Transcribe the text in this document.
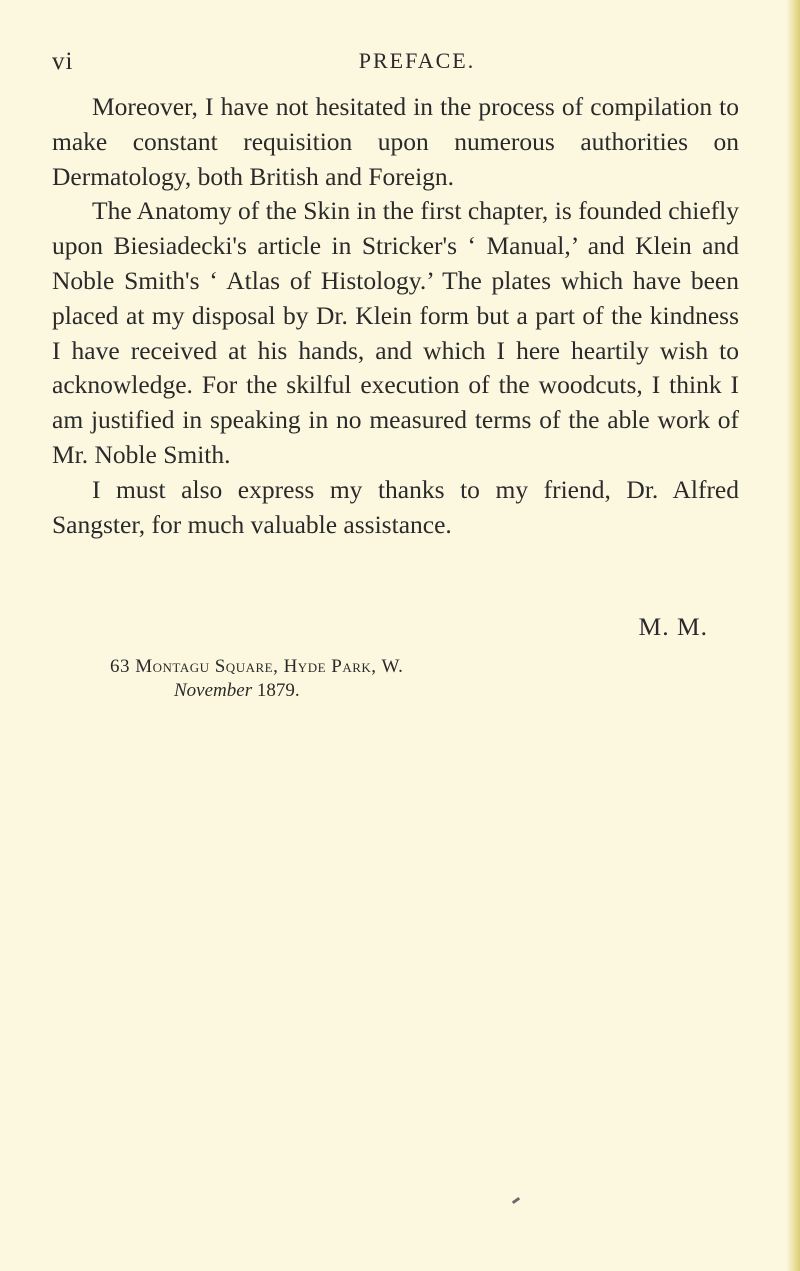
vi	PREFACE.

Moreover, I have not hesitated in the process of compilation to make constant requisition upon numerous authorities on Dermatology, both British and Foreign.

The Anatomy of the Skin in the first chapter, is founded chiefly upon Biesiadecki's article in Stricker's ‘ Manual,’ and Klein and Noble Smith's ‘ Atlas of Histology.’ The plates which have been placed at my disposal by Dr. Klein form but a part of the kindness I have received at his hands, and which I here heartily wish to acknowledge. For the skilful execution of the woodcuts, I think I am justified in speaking in no measured terms of the able work of Mr. Noble Smith.

I must also express my thanks to my friend, Dr. Alfred Sangster, for much valuable assistance.

M. M.
63 Montagu Square, Hyde Park, W.
November 1879.
